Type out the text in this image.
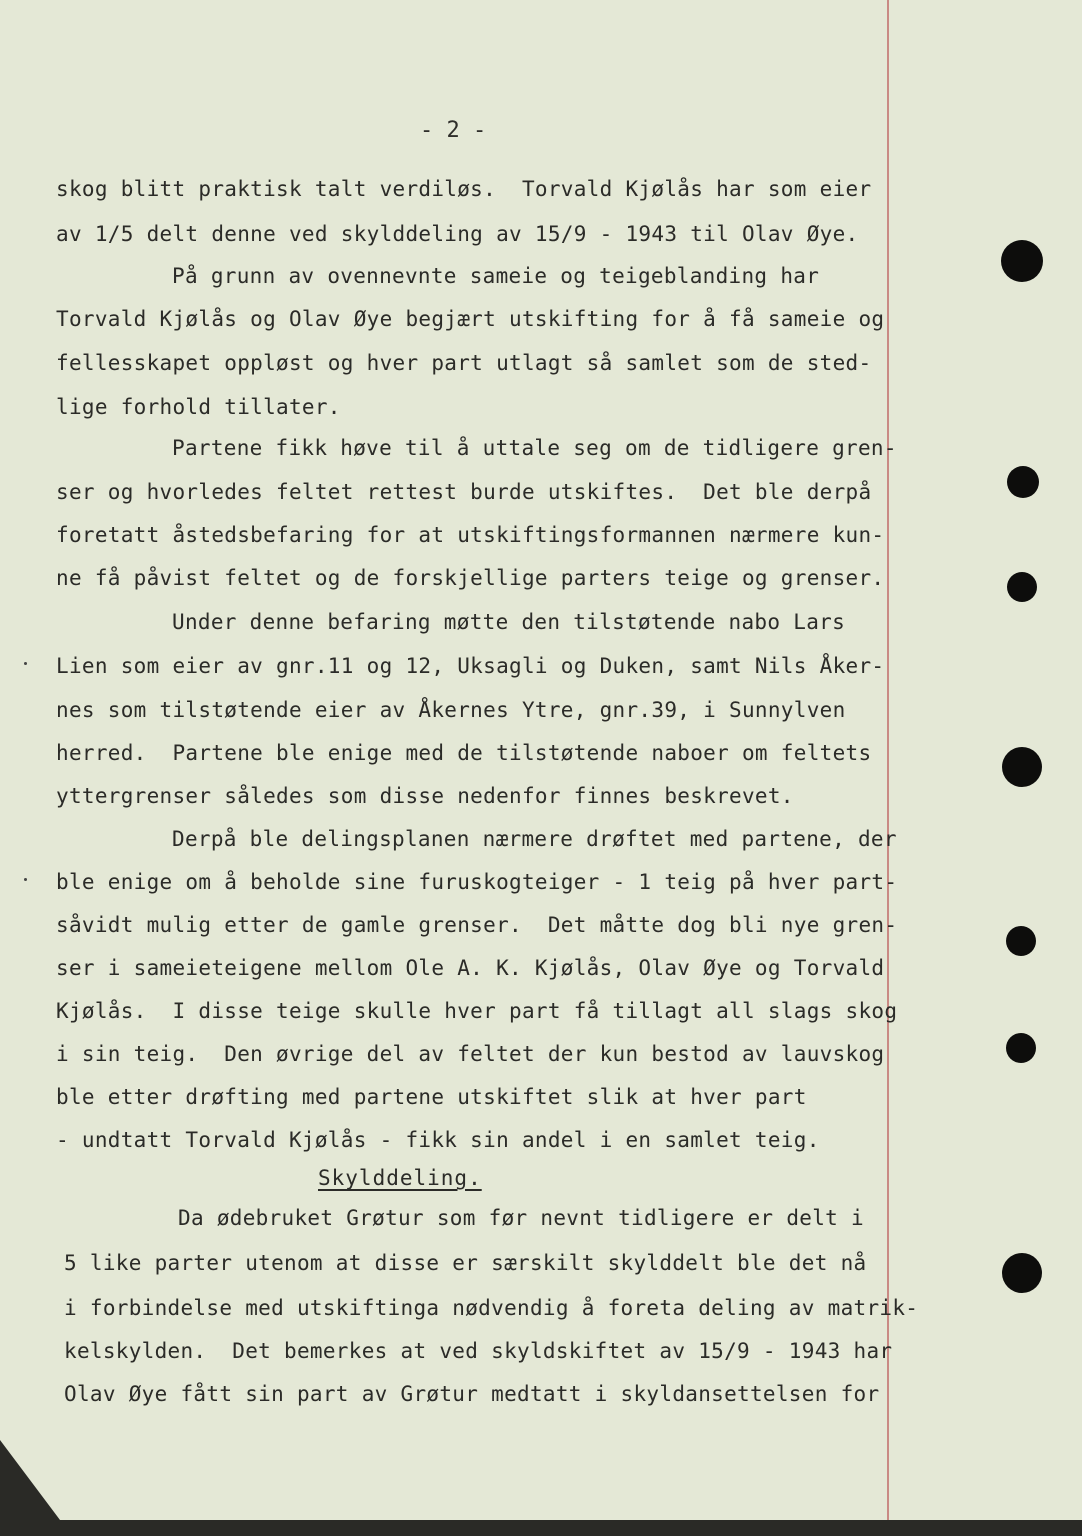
- 2 -
skog blitt praktisk talt verdiløs.  Torvald Kjølås har som eier
av 1/5 delt denne ved skylddeling av 15/9 - 1943 til Olav Øye.
På grunn av ovennevnte sameie og teigeblanding har
Torvald Kjølås og Olav Øye begjært utskifting for å få sameie og
fellesskapet oppløst og hver part utlagt så samlet som de sted-
lige forhold tillater.
Partene fikk høve til å uttale seg om de tidligere gren-
ser og hvorledes feltet rettest burde utskiftes.  Det ble derpå
foretatt åstedsbefaring for at utskiftingsformannen nærmere kun-
ne få påvist feltet og de forskjellige parters teige og grenser.
Under denne befaring møtte den tilstøtende nabo Lars
Lien som eier av gnr.11 og 12, Uksagli og Duken, samt Nils Åker-
nes som tilstøtende eier av Åkernes Ytre, gnr.39, i Sunnylven
herred.  Partene ble enige med de tilstøtende naboer om feltets
yttergrenser således som disse nedenfor finnes beskrevet.
Derpå ble delingsplanen nærmere drøftet med partene, der
ble enige om å beholde sine furuskogteiger - 1 teig på hver part-
såvidt mulig etter de gamle grenser.  Det måtte dog bli nye gren-
ser i sameieteigene mellom Ole A. K. Kjølås, Olav Øye og Torvald
Kjølås.  I disse teige skulle hver part få tillagt all slags skog
i sin teig.  Den øvrige del av feltet der kun bestod av lauvskog
ble etter drøfting med partene utskiftet slik at hver part
- undtatt Torvald Kjølås - fikk sin andel i en samlet teig.
Da ødebruket Grøtur som før nevnt tidligere er delt i
5 like parter utenom at disse er særskilt skylddelt ble det nå
i forbindelse med utskiftinga nødvendig å foreta deling av matrik-
kelskylden.  Det bemerkes at ved skyldskiftet av 15/9 - 1943 har
Olav Øye fått sin part av Grøtur medtatt i skyldansettelsen for
Skylddeling.
